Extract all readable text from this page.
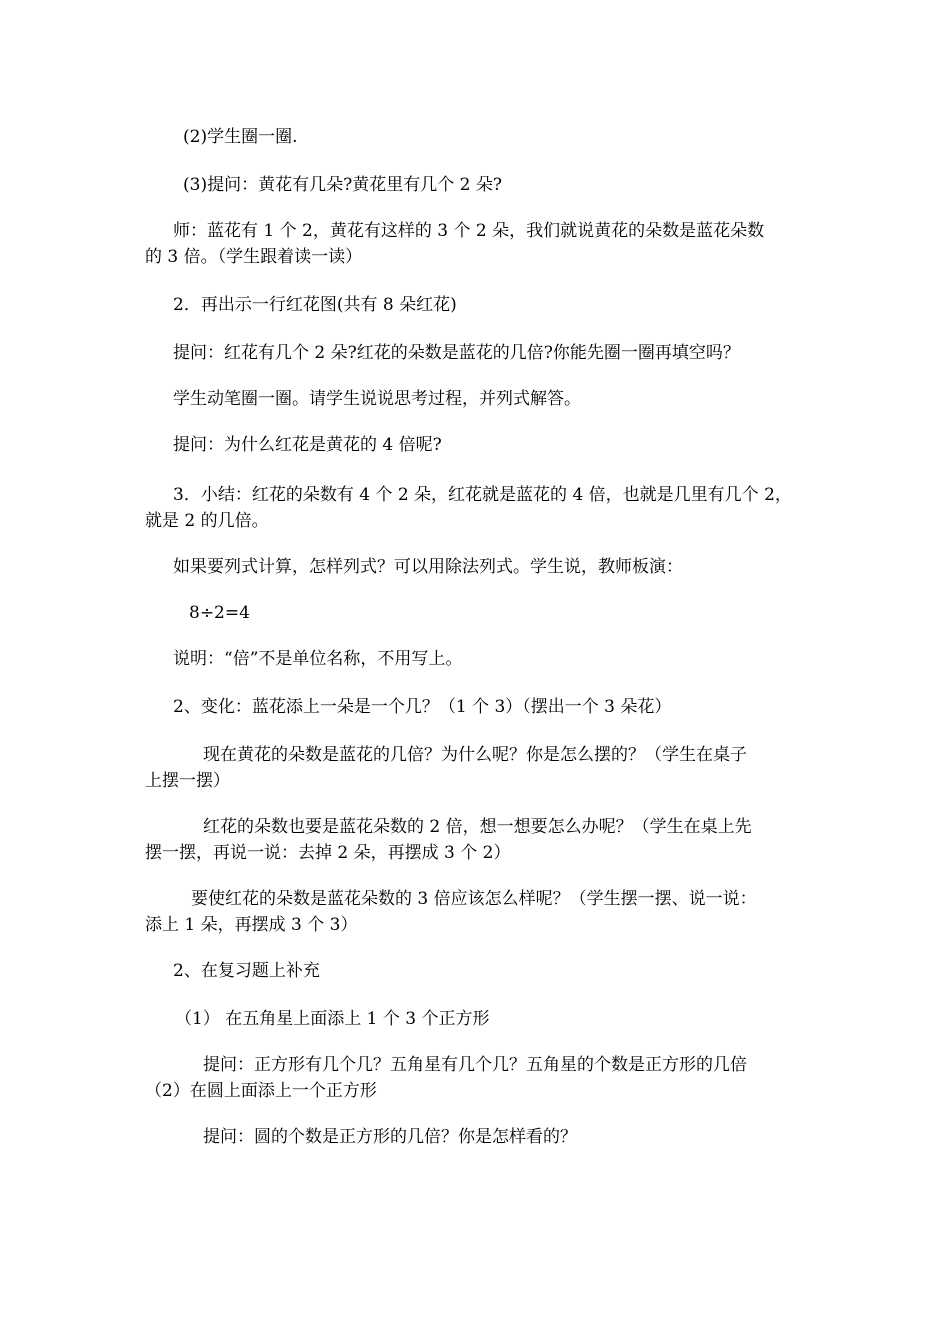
(2)学生圈一圈.

(3)提问：黄花有几朵?黄花里有几个 2 朵?

师：蓝花有 1 个 2，黄花有这样的 3 个 2 朵，我们就说黄花的朵数是蓝花朵数
的 3 倍。（学生跟着读一读）

2．再出示一行红花图(共有 8 朵红花)

提问：红花有几个 2 朵?红花的朵数是蓝花的几倍?你能先圈一圈再填空吗？

学生动笔圈一圈。请学生说说思考过程，并列式解答。

提问：为什么红花是黄花的 4 倍呢?

3．小结：红花的朵数有 4 个 2 朵，红花就是蓝花的 4 倍，也就是几里有几个 2，
就是 2 的几倍。

如果要列式计算，怎样列式？可以用除法列式。学生说，教师板演：

8÷2=4

说明：“倍”不是单位名称，不用写上。

2、变化：蓝花添上一朵是一个几？（1 个 3）（摆出一个 3 朵花）

现在黄花的朵数是蓝花的几倍？为什么呢？你是怎么摆的？（学生在桌子
上摆一摆）

红花的朵数也要是蓝花朵数的 2 倍，想一想要怎么办呢？（学生在桌上先
摆一摆，再说一说：去掉 2 朵，再摆成 3 个 2）

要使红花的朵数是蓝花朵数的 3 倍应该怎么样呢？（学生摆一摆、说一说：
添上 1 朵，再摆成 3 个 3）

2、在复习题上补充

（1） 在五角星上面添上 1 个 3 个正方形

提问：正方形有几个几？五角星有几个几？五角星的个数是正方形的几倍
（2）在圆上面添上一个正方形

提问：圆的个数是正方形的几倍？你是怎样看的？
